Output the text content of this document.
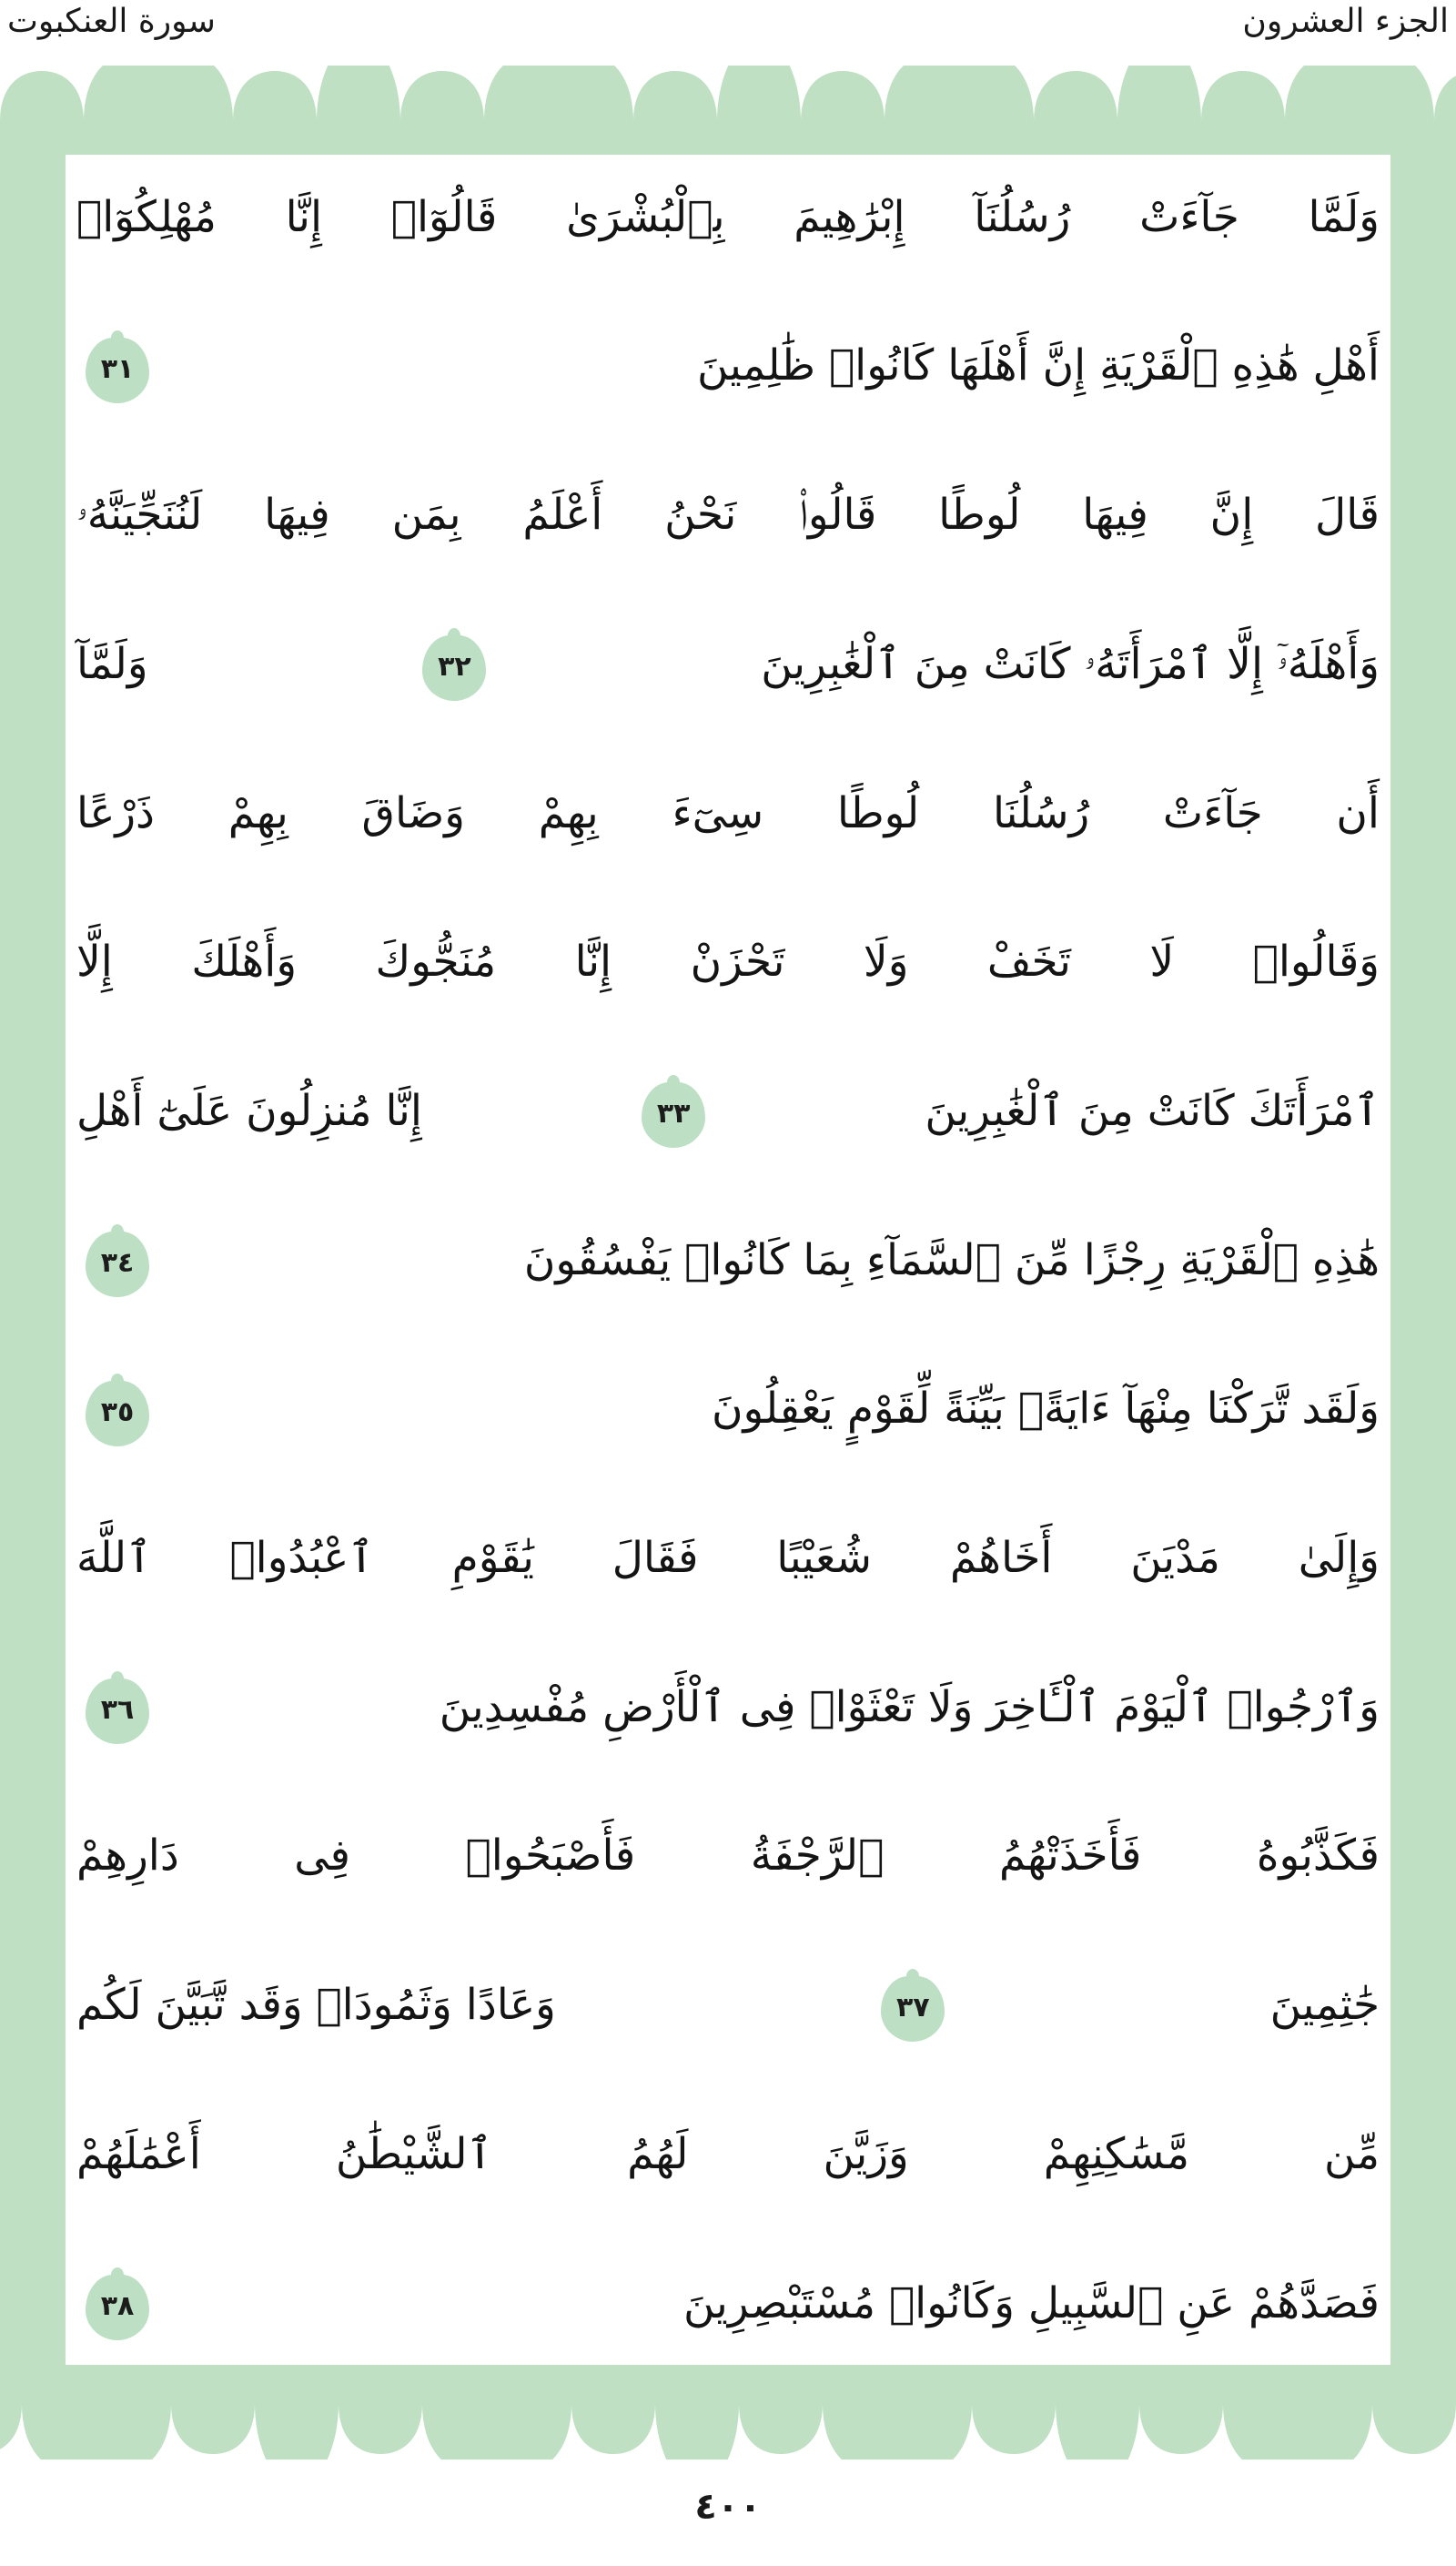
سورة العنكبوت	الجزء العشرون
وَلَمَّا جَآءَتْ رُسُلُنَآ إِبْرَٰهِيمَ بِٱلْبُشْرَىٰ قَالُوٓا۟ إِنَّا مُهْلِكُوٓا۟
أَهْلِ هَٰذِهِ ٱلْقَرْيَةِ إِنَّ أَهْلَهَا كَانُوا۟ ظَٰلِمِينَ
٣١
قَالَ إِنَّ فِيهَا لُوطًا قَالُوا۟ نَحْنُ أَعْلَمُ بِمَن فِيهَا لَنُنَجِّيَنَّهُۥ
وَأَهْلَهُۥٓ إِلَّا ٱمْرَأَتَهُۥ كَانَتْ مِنَ ٱلْغَٰبِرِينَ
٣٢
وَلَمَّآ
أَن جَآءَتْ رُسُلُنَا لُوطًا سِىٓءَ بِهِمْ وَضَاقَ بِهِمْ ذَرْعًا
وَقَالُوا۟ لَا تَخَفْ وَلَا تَحْزَنْ إِنَّا مُنَجُّوكَ وَأَهْلَكَ إِلَّا
ٱمْرَأَتَكَ كَانَتْ مِنَ ٱلْغَٰبِرِينَ
٣٣
إِنَّا مُنزِلُونَ عَلَىٰٓ أَهْلِ
هَٰذِهِ ٱلْقَرْيَةِ رِجْزًا مِّنَ ٱلسَّمَآءِ بِمَا كَانُوا۟ يَفْسُقُونَ
٣٤
وَلَقَد تَّرَكْنَا مِنْهَآ ءَايَةًۢ بَيِّنَةً لِّقَوْمٍ يَعْقِلُونَ
٣٥
وَإِلَىٰ مَدْيَنَ أَخَاهُمْ شُعَيْبًا فَقَالَ يَٰقَوْمِ ٱعْبُدُوا۟ ٱللَّهَ
وَٱرْجُوا۟ ٱلْيَوْمَ ٱلْـَٔاخِرَ وَلَا تَعْثَوْا۟ فِى ٱلْأَرْضِ مُفْسِدِينَ
٣٦
فَكَذَّبُوهُ فَأَخَذَتْهُمُ ٱلرَّجْفَةُ فَأَصْبَحُوا۟ فِى دَارِهِمْ
جَٰثِمِينَ
٣٧
وَعَادًا وَثَمُودَا۟ وَقَد تَّبَيَّنَ لَكُم
مِّن مَّسَٰكِنِهِمْ وَزَيَّنَ لَهُمُ ٱلشَّيْطَٰنُ أَعْمَٰلَهُمْ
فَصَدَّهُمْ عَنِ ٱلسَّبِيلِ وَكَانُوا۟ مُسْتَبْصِرِينَ
٣٨
٤٠٠
